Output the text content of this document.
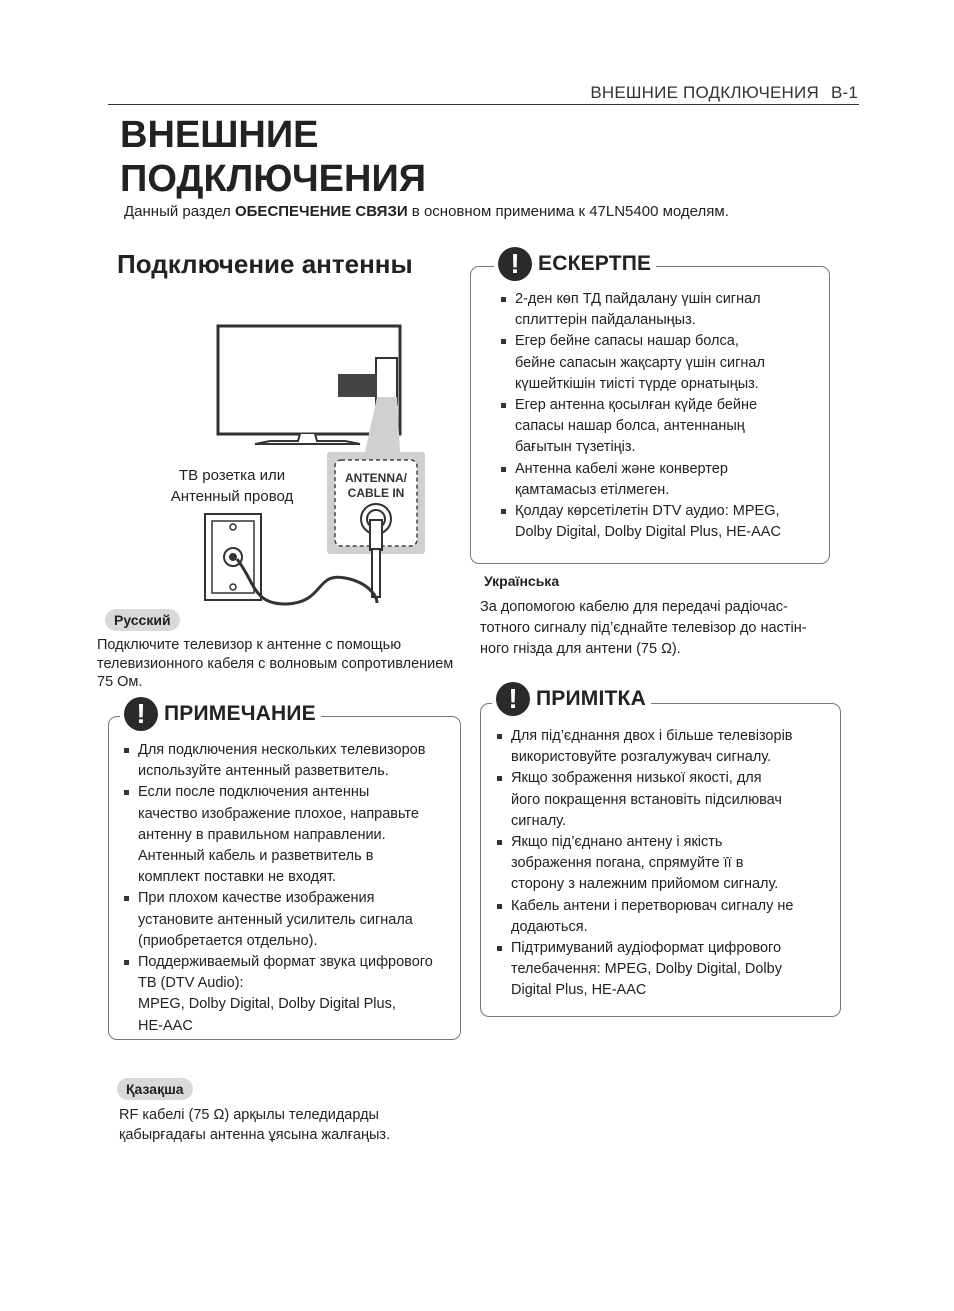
ВНЕШНИЕ ПОДКЛЮЧЕНИЯ B-1
ВНЕШНИЕ
ПОДКЛЮЧЕНИЯ
Данный раздел ОБЕСПЕЧЕНИЕ СВЯЗИ в основном применима к 47LN5400 моделям.
Подключение антенны
ANTENNA/
CABLE IN
ТВ розетка или
Антенный провод
Русский
Подключите телевизор к антенне с помощью
телевизионного кабеля с волновым сопротивлением
75 Ом.
! ПРИМЕЧАНИЕ
Для подключения нескольких телевизоров
используйте антенный разветвитель.
Если после подключения антенны
качество изображение плохое, направьте
антенну в правильном направлении.
Антенный кабель и разветвитель в
комплект поставки не входят.
При плохом качестве изображения
установите антенный усилитель сигнала
(приобретается отдельно).
Поддерживаемый формат звука цифрового
ТВ (DTV Audio):
MPEG, Dolby Digital, Dolby Digital Plus,
HE-AAC
Қазақша
RF кабелі (75 Ω) арқылы теледидарды
қабырғадағы антенна ұясына жалғаңыз.
! ЕСКЕРТПЕ
2-ден көп ТД пайдалану үшін сигнал
сплиттерін пайдаланыңыз.
Егер бейне сапасы нашар болса,
бейне сапасын жақсарту үшін сигнал
күшейткішін тиісті түрде орнатыңыз.
Егер антенна қосылған күйде бейне
сапасы нашар болса, антеннаның
бағытын түзетіңіз.
Антенна кабелі және конвертер
қамтамасыз етілмеген.
Қолдау көрсетілетін DTV аудио: MPEG,
Dolby Digital, Dolby Digital Plus, HE-AAC
Українська
За допомогою кабелю для передачі радіочас-
тотного сигналу під’єднайте телевізор до настін-
ного гнізда для антени (75 Ω).
! ПРИМІТКА
Для під’єднання двох і більше телевізорів
використовуйте розгалужувач сигналу.
Якщо зображення низької якості, для
його покращення встановіть підсилювач
сигналу.
Якщо під’єднано антену і якість
зображення погана, спрямуйте її в
сторону з належним прийомом сигналу.
Кабель антени і перетворювач сигналу не
додаються.
Підтримуваний аудіоформат цифрового
телебачення: MPEG, Dolby Digital, Dolby
Digital Plus, HE-AAC
